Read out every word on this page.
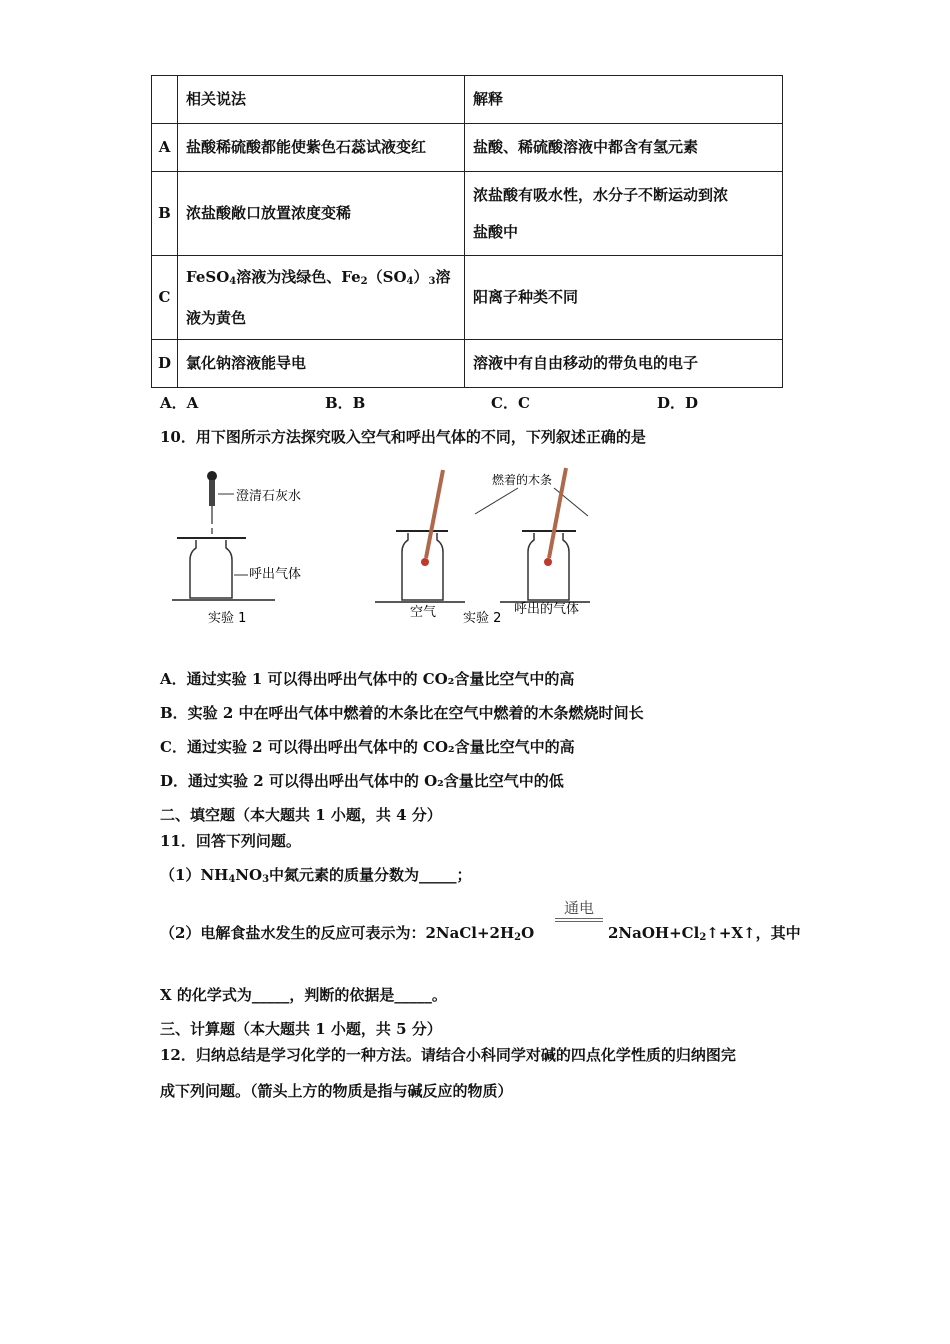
	相关说法	解释
A	盐酸稀硫酸都能使紫色石蕊试液变红	盐酸、稀硫酸溶液中都含有氢元素
B	浓盐酸敞口放置浓度变稀	浓盐酸有吸水性，水分子不断运动到浓
盐酸中

C	FeSO$_4$溶液为浅绿色、$Fe_2(SO_4)_3$溶
液为黄色	阳离子种类不同
D	氯化钠溶液能导电	溶液中有自由移动的带负电的电子
A．A	B．B	C．C	D．D
10．用下图所示方法探究吸入空气和呼出气体的不同，下列叙述正确的是
澄清石灰水
呼出气体
实验 1
燃着的木条
空气 实验 2
呼出的气体
A．通过实验 1 可以得出呼出气体中的 CO₂含量比空气中的高
B．实验 2 中在呼出气体中燃着的木条比在空气中燃着的木条燃烧时间长
C．通过实验 2 可以得出呼出气体中的 CO₂含量比空气中的高
D．通过实验 2 可以得出呼出气体中的 O₂含量比空气中的低
二、填空题（本大题共 1 小题，共 4 分）
11．回答下列问题。
$(1)NH_4NO_3$中氮元素的质量分数为_____；
（2）电解食盐水发生的反应可表示为：$2NaCl+2H_2O$
通电
$2NaOH+Cl_2↑+X↑$，其中
X 的化学式为_____，判断的依据是_____。
三、计算题（本大题共 1 小题，共 5 分）
12．归纳总结是学习化学的一种方法。请结合小科同学对碱的四点化学性质的归纳图完
成下列问题。（箭头上方的物质是指与碱反应的物质）
